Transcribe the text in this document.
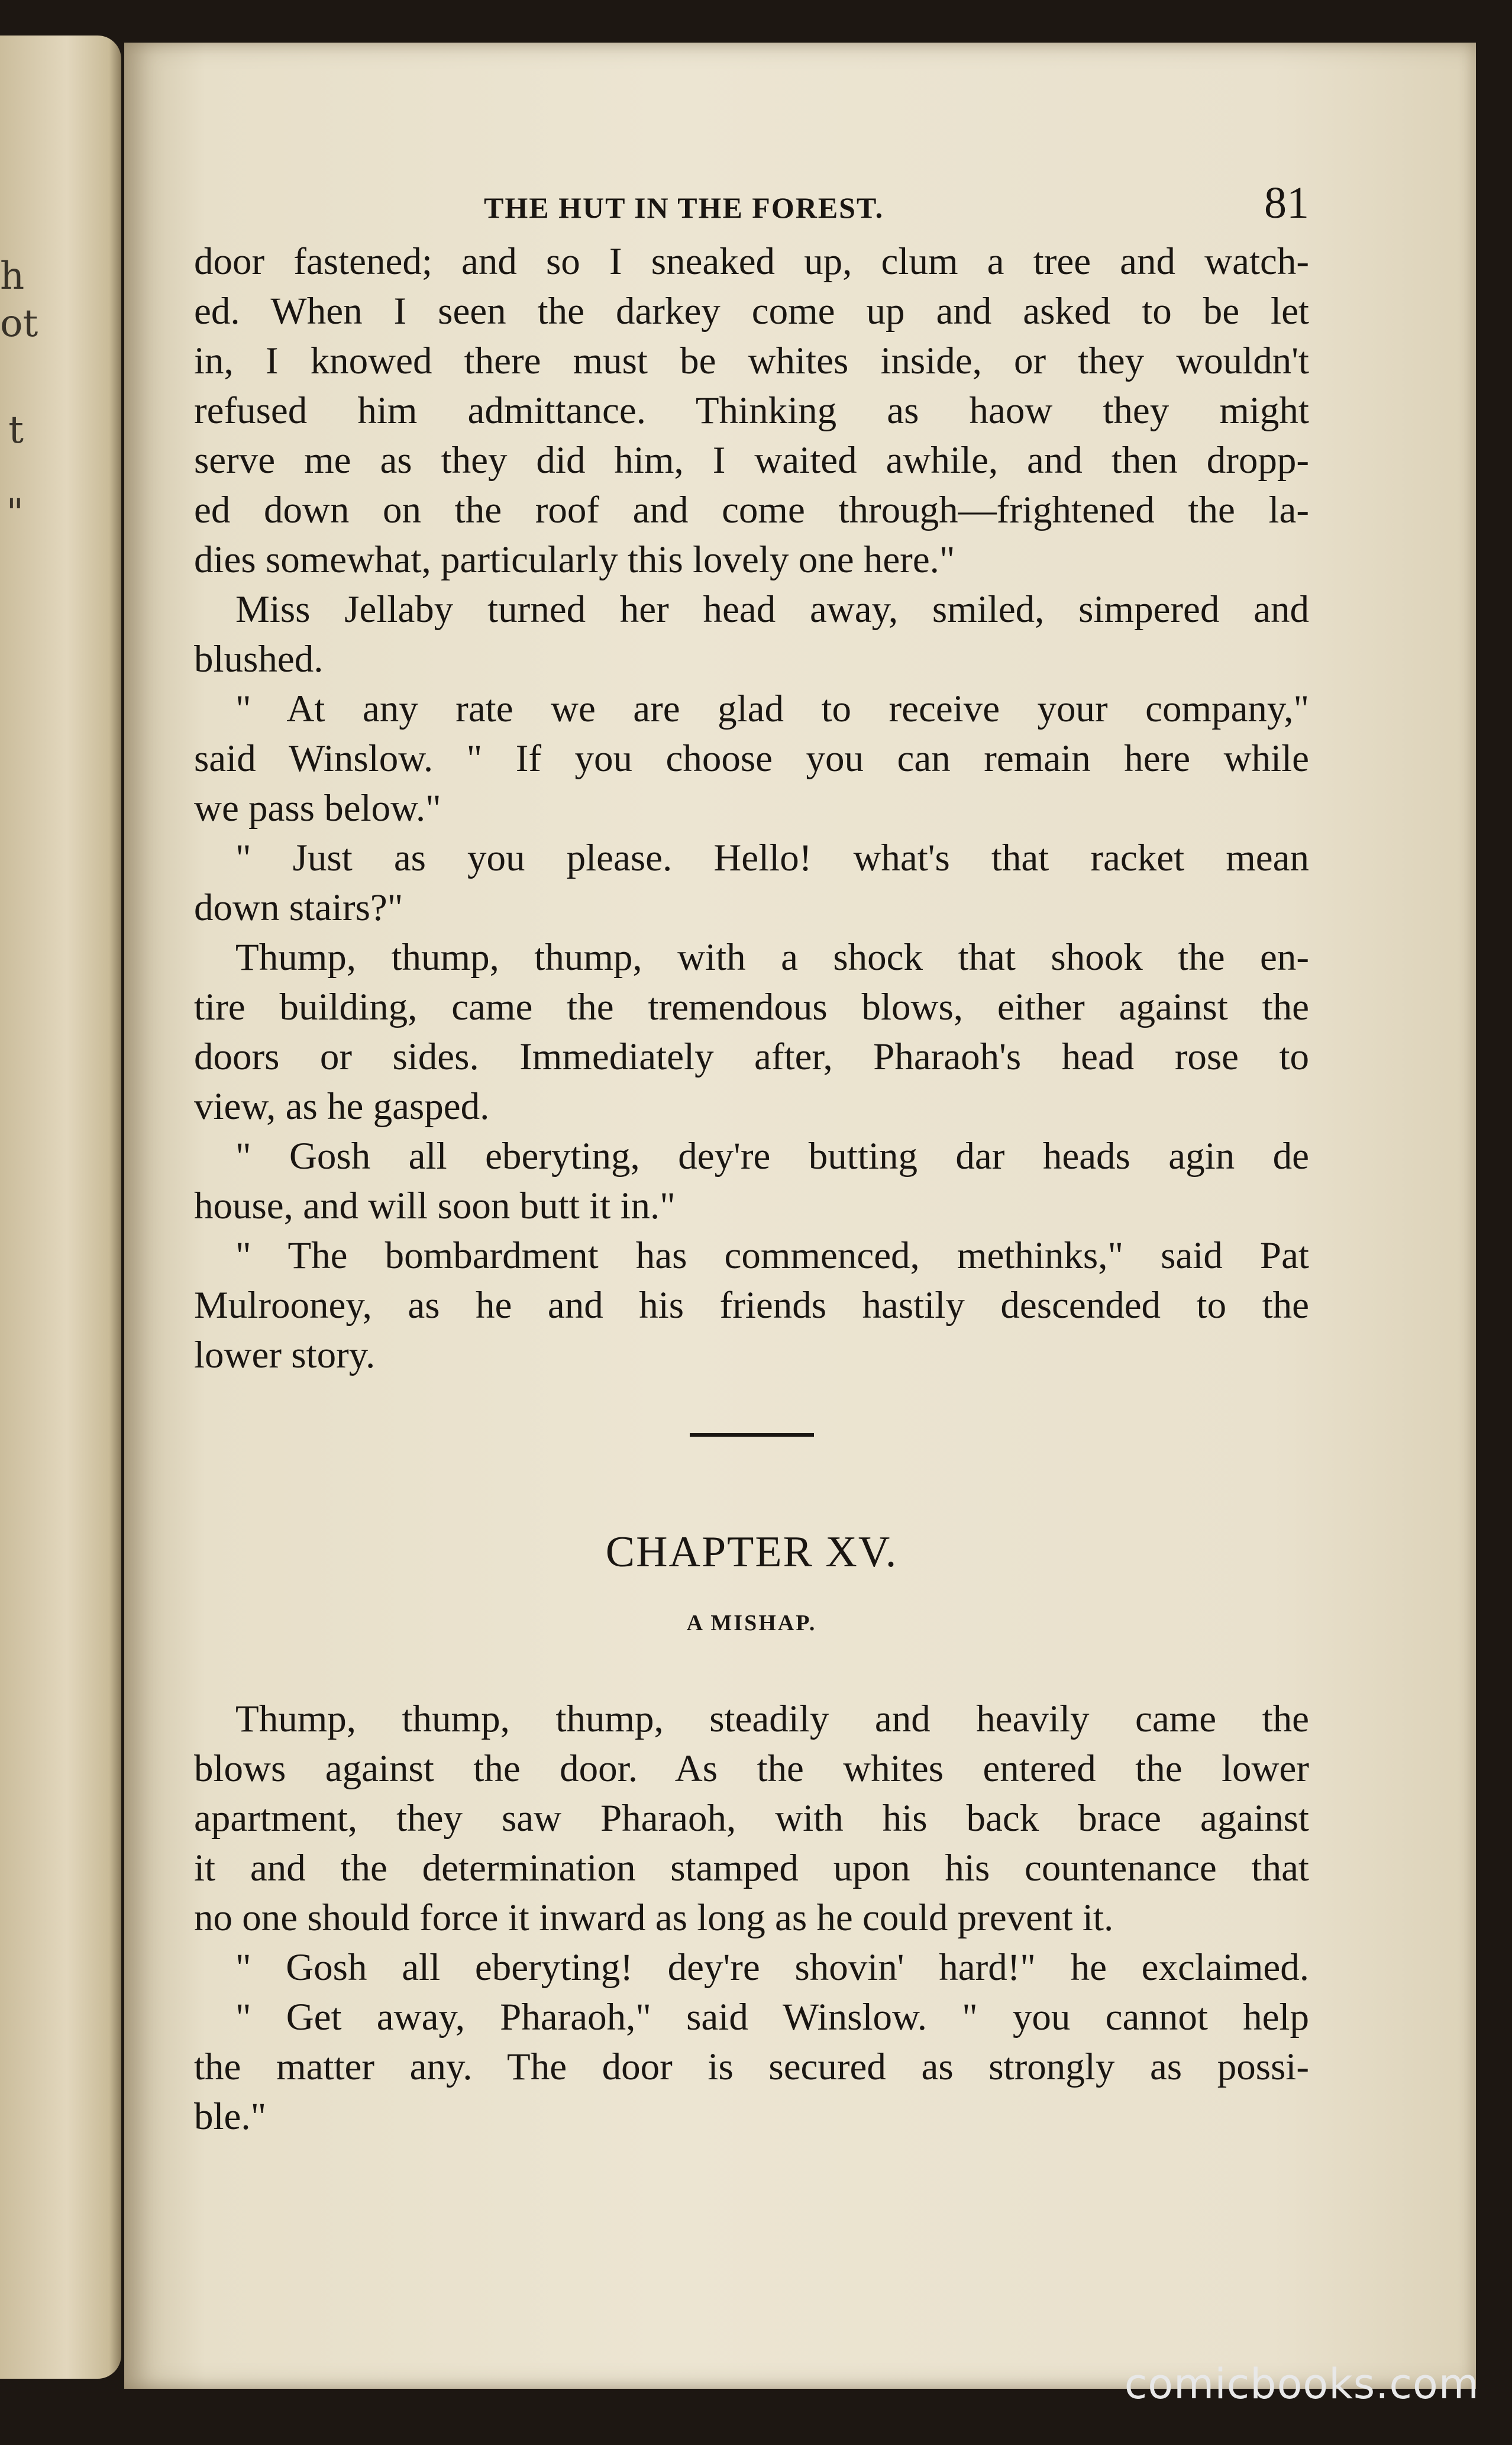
h
ot
t
"
THE HUT IN THE FOREST.	81
door fastened; and so I sneaked up, clum a tree and watch-
ed. When I seen the darkey come up and asked to be let
in, I knowed there must be whites inside, or they wouldn't
refused him admittance. Thinking as haow they might
serve me as they did him, I waited awhile, and then dropp-
ed down on the roof and come through—frightened the la-
dies somewhat, particularly this lovely one here."
Miss Jellaby turned her head away, smiled, simpered and
blushed.
" At any rate we are glad to receive your company,"
said Winslow. " If you choose you can remain here while
we pass below."
" Just as you please. Hello! what's that racket mean
down stairs?"
Thump, thump, thump, with a shock that shook the en-
tire building, came the tremendous blows, either against the
doors or sides. Immediately after, Pharaoh's head rose to
view, as he gasped.
" Gosh all eberyting, dey're butting dar heads agin de
house, and will soon butt it in."
" The bombardment has commenced, methinks," said Pat
Mulrooney, as he and his friends hastily descended to the
lower story.
CHAPTER XV.
A MISHAP.
Thump, thump, thump, steadily and heavily came the
blows against the door. As the whites entered the lower
apartment, they saw Pharaoh, with his back brace against
it and the determination stamped upon his countenance that
no one should force it inward as long as he could prevent it.
" Gosh all eberyting! dey're shovin' hard!" he exclaimed.
" Get away, Pharaoh," said Winslow. " you cannot help
the matter any. The door is secured as strongly as possi-
ble."
comicbooks.com
